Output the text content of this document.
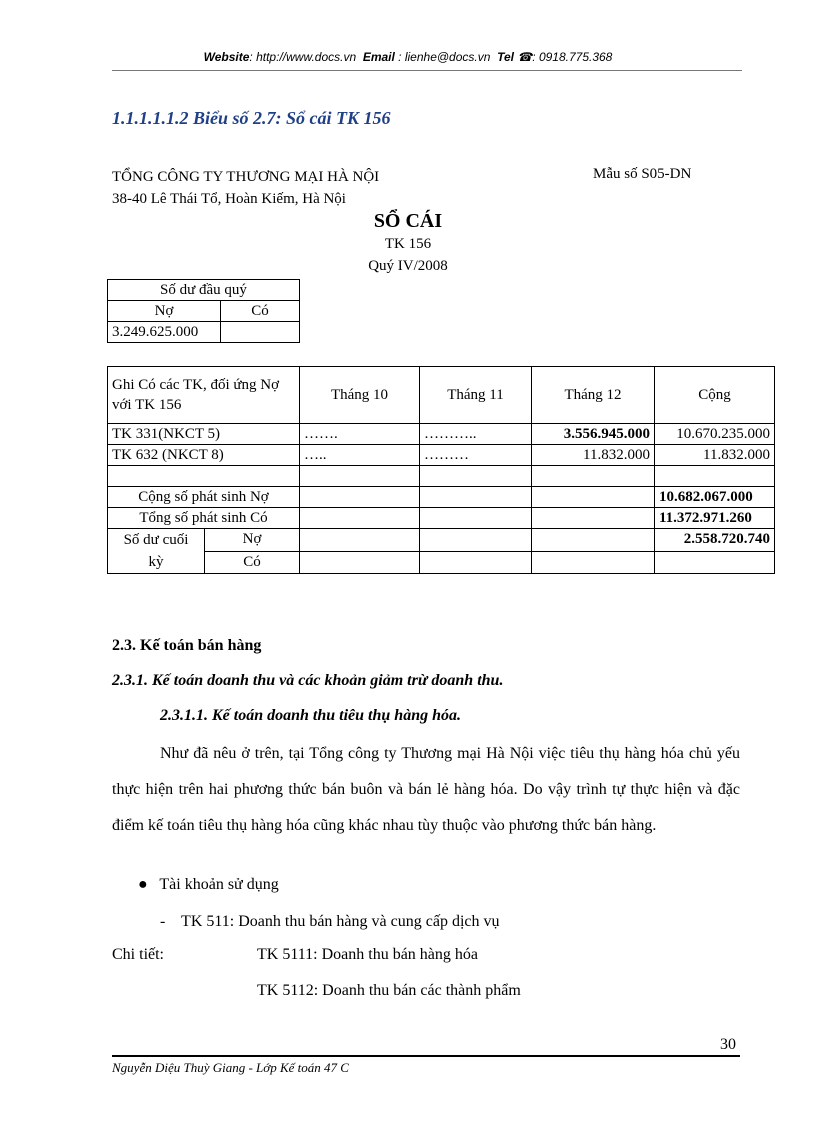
Website: http://www.docs.vn Email : lienhe@docs.vn Tel ☎: 0918.775.368
1.1.1.1.1.2 Biểu số 2.7: Sổ cái TK 156
TỔNG CÔNG TY THƯƠNG MẠI HÀ NỘI
38-40 Lê Thái Tổ, Hoàn Kiếm, Hà Nội
Mẫu số S05-DN
SỔ CÁI
TK 156
Quý IV/2008
Số dư đầu quý	
Nợ	Có
3.249.625.000	
Ghi Có các TK, đối ứng Nợ với TK 156		Tháng 10	Tháng 11	Tháng 12	Cộng
TK 331(NKCT 5)		…….	………..	3.556.945.000	10.670.235.000
TK 632 (NKCT 8)		…..	………	11.832.000	11.832.000

Cộng số phát sinh Nợ					10.682.067.000
Tổng số phát sinh Có					11.372.971.260
Số dư cuối
kỳ	Nợ				2.558.720.740
	Có				
2.3. Kế toán bán hàng
2.3.1. Kế toán doanh thu và các khoản giảm trừ doanh thu.
2.3.1.1. Kế toán doanh thu tiêu thụ hàng hóa.

Như đã nêu ở trên, tại Tổng công ty Thương mại Hà Nội việc tiêu thụ hàng hóa chủ yếu thực hiện trên hai phương thức bán buôn và bán lẻ hàng hóa. Do vậy trình tự thực hiện và đặc điểm kế toán tiêu thụ hàng hóa cũng khác nhau tùy thuộc vào phương thức bán hàng.

● Tài khoản sử dụng
- TK 511: Doanh thu bán hàng và cung cấp dịch vụ
Chi tiết:	TK 5111: Doanh thu bán hàng hóa
TK 5112: Doanh thu bán các thành phẩm
30
Nguyễn Diệu Thuỳ Giang - Lớp Kế toán 47 C
